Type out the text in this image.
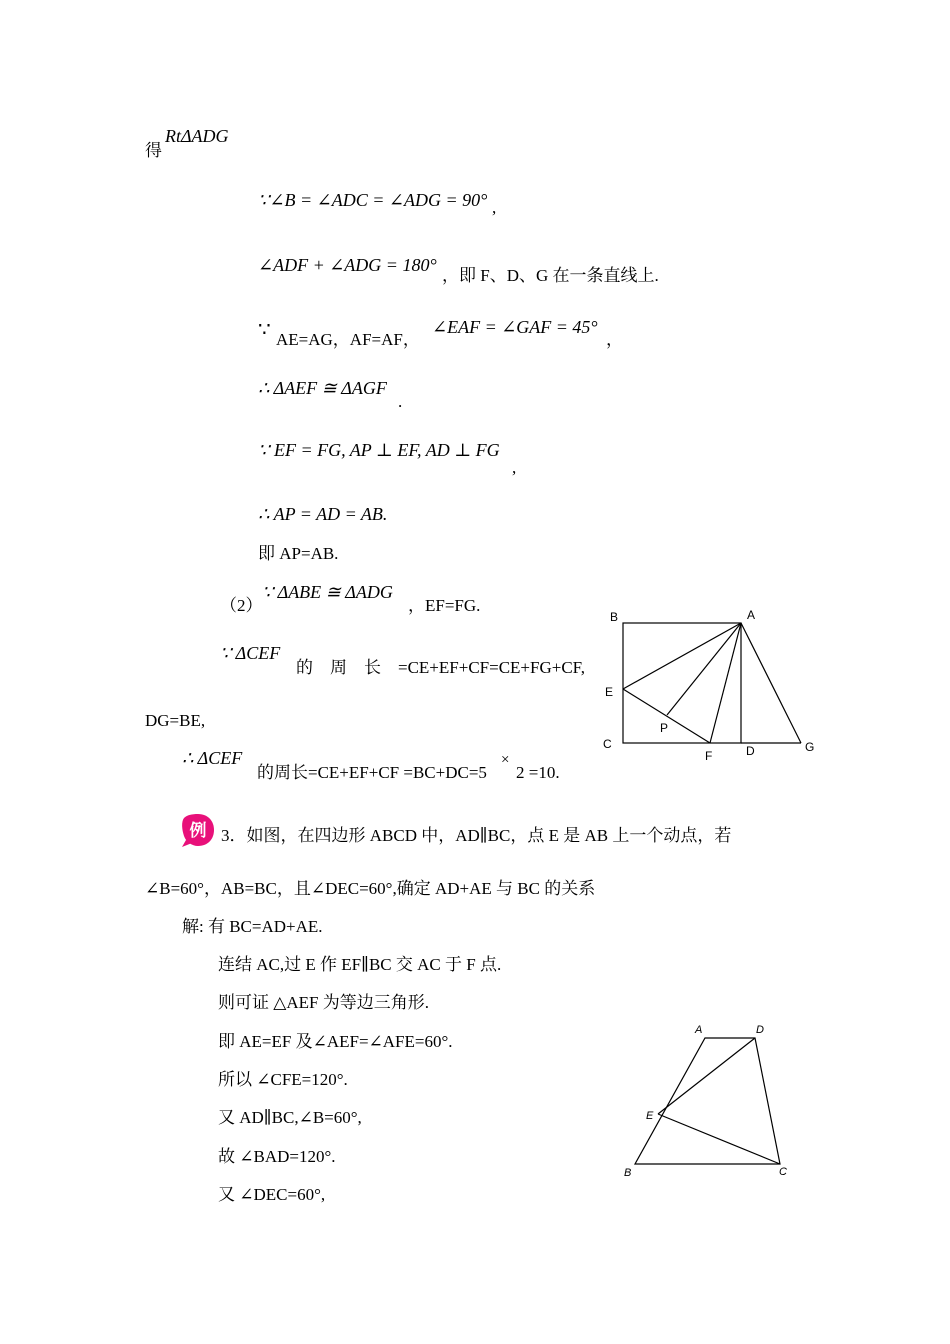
得
RtΔADG
∵∠B = ∠ADC = ∠ADG = 90° ,
∠ADF + ∠ADG = 180°
，即 F、D、G 在一条直线上.
∵ AE=AG，AF=AF，
∠EAF = ∠GAF = 45°
，
∴ ΔAEF ≅ ΔAGF
.
∵ EF = FG, AP ⊥ EF, AD ⊥ FG
,
∴ AP = AD = AB.
即 AP=AB.
（2）
∵ ΔABE ≅ ΔADG
，EF=FG.
∵ ΔCEF
的　周　长　=CE+EF+CF=CE+FG+CF,
DG=BE,
∴ ΔCEF
的周长=CE+EF+CF =BC+DC=5
×
2 =10.
B	A
E
C
P
F	D	G
例 3．如图，在四边形 ABCD 中，AD∥BC，点 E 是 AB 上一个动点，若
∠B=60°，AB=BC，且∠DEC=60°,确定 AD+AE 与 BC 的关系
解: 有 BC=AD+AE.
连结 AC,过 E 作 EF∥BC 交 AC 于 F 点.
则可证 △AEF 为等边三角形.
即 AE=EF 及∠AEF=∠AFE=60°.
所以 ∠CFE=120°.
又 AD∥BC,∠B=60°,
故 ∠BAD=120°.
又 ∠DEC=60°,
A	D
E
B	C
